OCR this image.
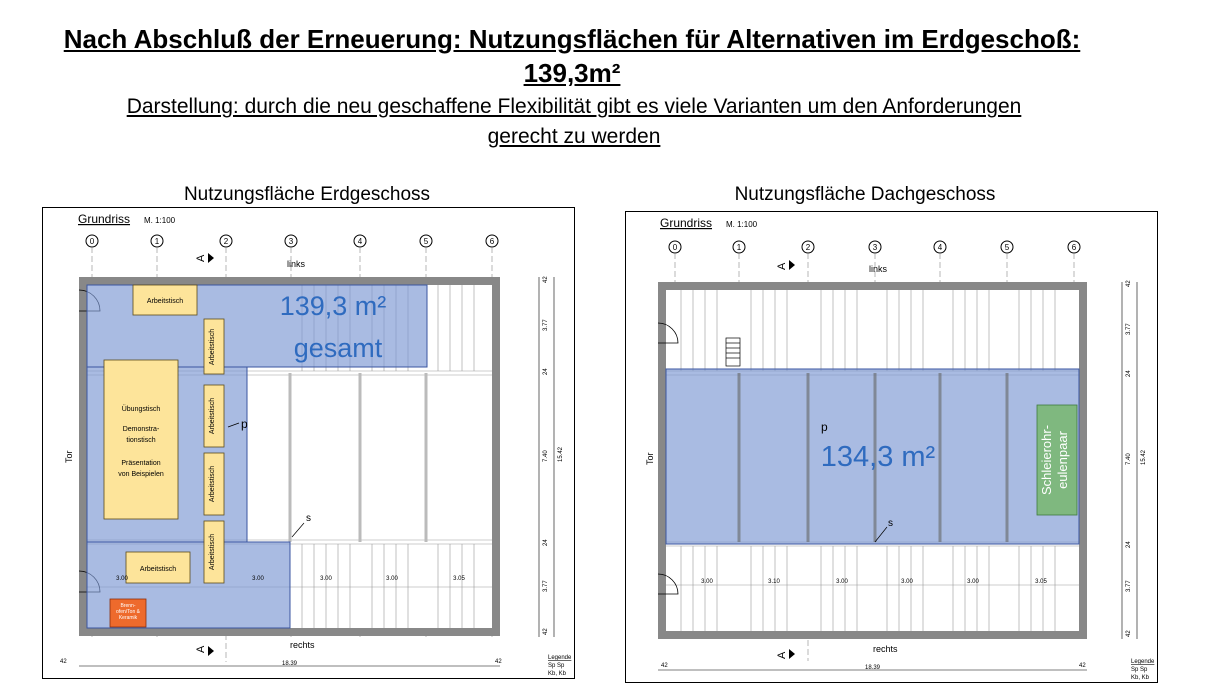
Nach Abschluß der Erneuerung: Nutzungsflächen für Alternativen im Erdgeschoß:
139,3m²
Darstellung: durch die neu geschaffene Flexibilität gibt es viele Varianten um den Anforderungen
gerecht zu werden
Nutzungsfläche Erdgeschoss	Nutzungsfläche Dachgeschoss
Grundriss M. 1:100
0	1	2	3	4	5	6
A
links
Arbeitstisch
Arbeitstisch
Arbeitstisch
Arbeitstisch
Arbeitstisch
Arbeitstisch
Übungstisch
Demonstra-
tionstisch
Präsentation
von Beispielen
Brenn-
ofen/Ton &
Keramik
139,3 m²
gesamt
p
s
3.00	3.00	3.00	3.00	3.05
Tor
42
3.77
24
7.40 15.42
24
3.77
42
rechts
A
42	42
18.39
Legende
Sp Sp
Kb, Kb
Grundriss M. 1:100
0	1	2	3	4	5	6
A	links
Schleierohr- eulenpaar
134,3 m²
p
s
3.00	3.10	3.00	3.00	3.00	3.05
Tor
42
3.77
24
7.40 15.42
24
3.77
42
rechts
A
42	42
18.39
Legende
Sp Sp
Kb, Kb
